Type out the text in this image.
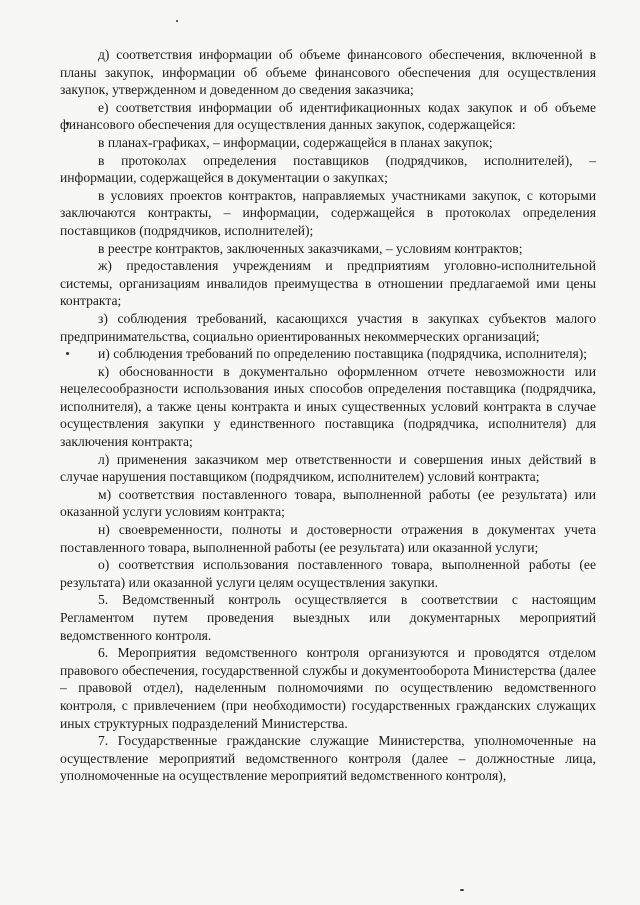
д) соответствия информации об объеме финансового обеспечения, включенной в планы закупок, информации об объеме финансового обеспечения для осуществления закупок, утвержденном и доведенном до сведения заказчика;

е) соответствия информации об идентификационных кодах закупок и об объеме финансового обеспечения для осуществления данных закупок, содержащейся:

в планах-графиках, – информации, содержащейся в планах закупок;

в протоколах определения поставщиков (подрядчиков, исполнителей), – информации, содержащейся в документации о закупках;

в условиях проектов контрактов, направляемых участниками закупок, с которыми заключаются контракты, – информации, содержащейся в протоколах определения поставщиков (подрядчиков, исполнителей);

в реестре контрактов, заключенных заказчиками, – условиям контрактов;

ж) предоставления учреждениям и предприятиям уголовно-исполнительной системы, организациям инвалидов преимущества в отношении предлагаемой ими цены контракта;

з) соблюдения требований, касающихся участия в закупках субъектов малого предпринимательства, социально ориентированных некоммерческих организаций;

и) соблюдения требований по определению поставщика (подрядчика, исполнителя);

к) обоснованности в документально оформленном отчете невозможности или нецелесообразности использования иных способов определения поставщика (подрядчика, исполнителя), а также цены контракта и иных существенных условий контракта в случае осуществления закупки у единственного поставщика (подрядчика, исполнителя) для заключения контракта;

л) применения заказчиком мер ответственности и совершения иных действий в случае нарушения поставщиком (подрядчиком, исполнителем) условий контракта;

м) соответствия поставленного товара, выполненной работы (ее результата) или оказанной услуги условиям контракта;

н) своевременности, полноты и достоверности отражения в документах учета поставленного товара, выполненной работы (ее результата) или оказанной услуги;

о) соответствия использования поставленного товара, выполненной работы (ее результата) или оказанной услуги целям осуществления закупки.

5. Ведомственный контроль осуществляется в соответствии с настоящим Регламентом путем проведения выездных или документарных мероприятий ведомственного контроля.

6. Мероприятия ведомственного контроля организуются и проводятся отделом правового обеспечения, государственной службы и документооборота Министерства (далее – правовой отдел), наделенным полномочиями по осуществлению ведомственного контроля, с привлечением (при необходимости) государственных гражданских служащих иных структурных подразделений Министерства.

7. Государственные гражданские служащие Министерства, уполномоченные на осуществление мероприятий ведомственного контроля (далее – должностные лица, уполномоченные на осуществление мероприятий ведомственного контроля),
